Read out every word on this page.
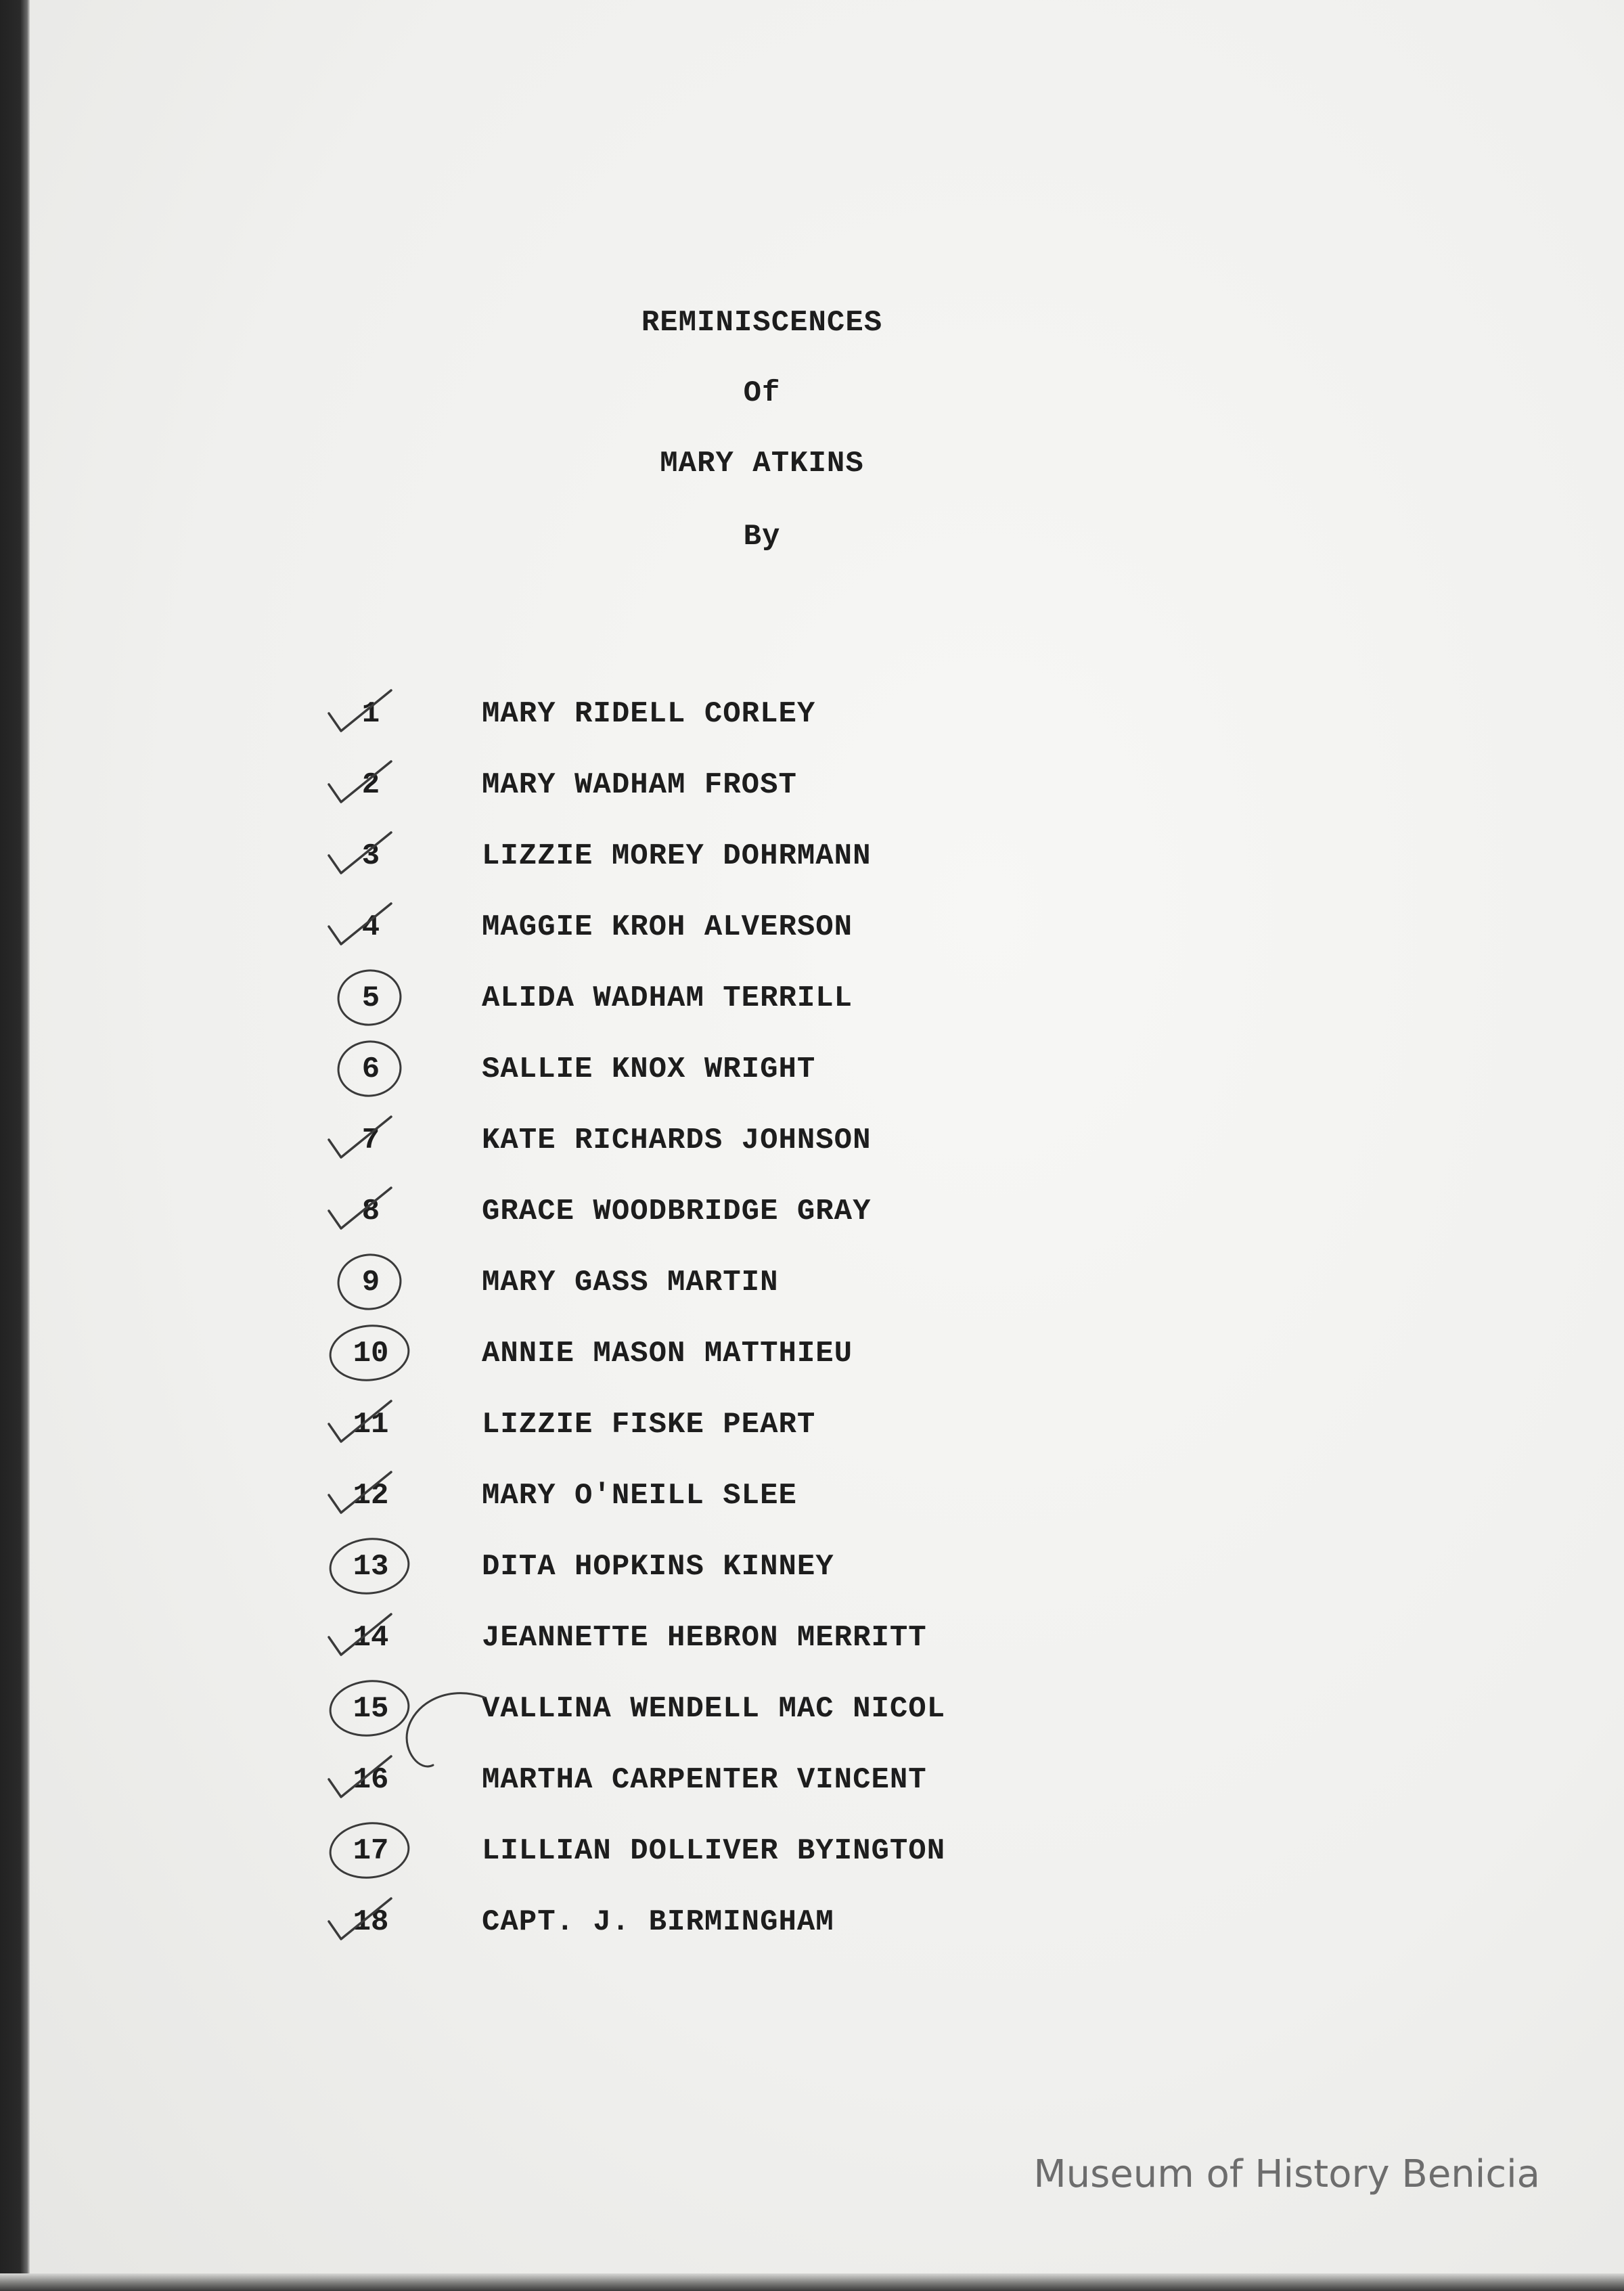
REMINISCENCES
Of
MARY ATKINS
By
1	MARY RIDELL CORLEY
2	MARY WADHAM FROST
3	LIZZIE MOREY DOHRMANN
4	MAGGIE KROH ALVERSON
5	ALIDA WADHAM TERRILL
6	SALLIE KNOX WRIGHT
7	KATE RICHARDS JOHNSON
8	GRACE WOODBRIDGE GRAY
9	MARY GASS MARTIN
10	ANNIE MASON MATTHIEU
11	LIZZIE FISKE PEART
12	MARY O'NEILL SLEE
13	DITA HOPKINS KINNEY
14	JEANNETTE HEBRON MERRITT
15	VALLINA WENDELL MAC NICOL
16	MARTHA CARPENTER VINCENT
17	LILLIAN DOLLIVER BYINGTON
18	CAPT. J. BIRMINGHAM
Museum of History Benicia
